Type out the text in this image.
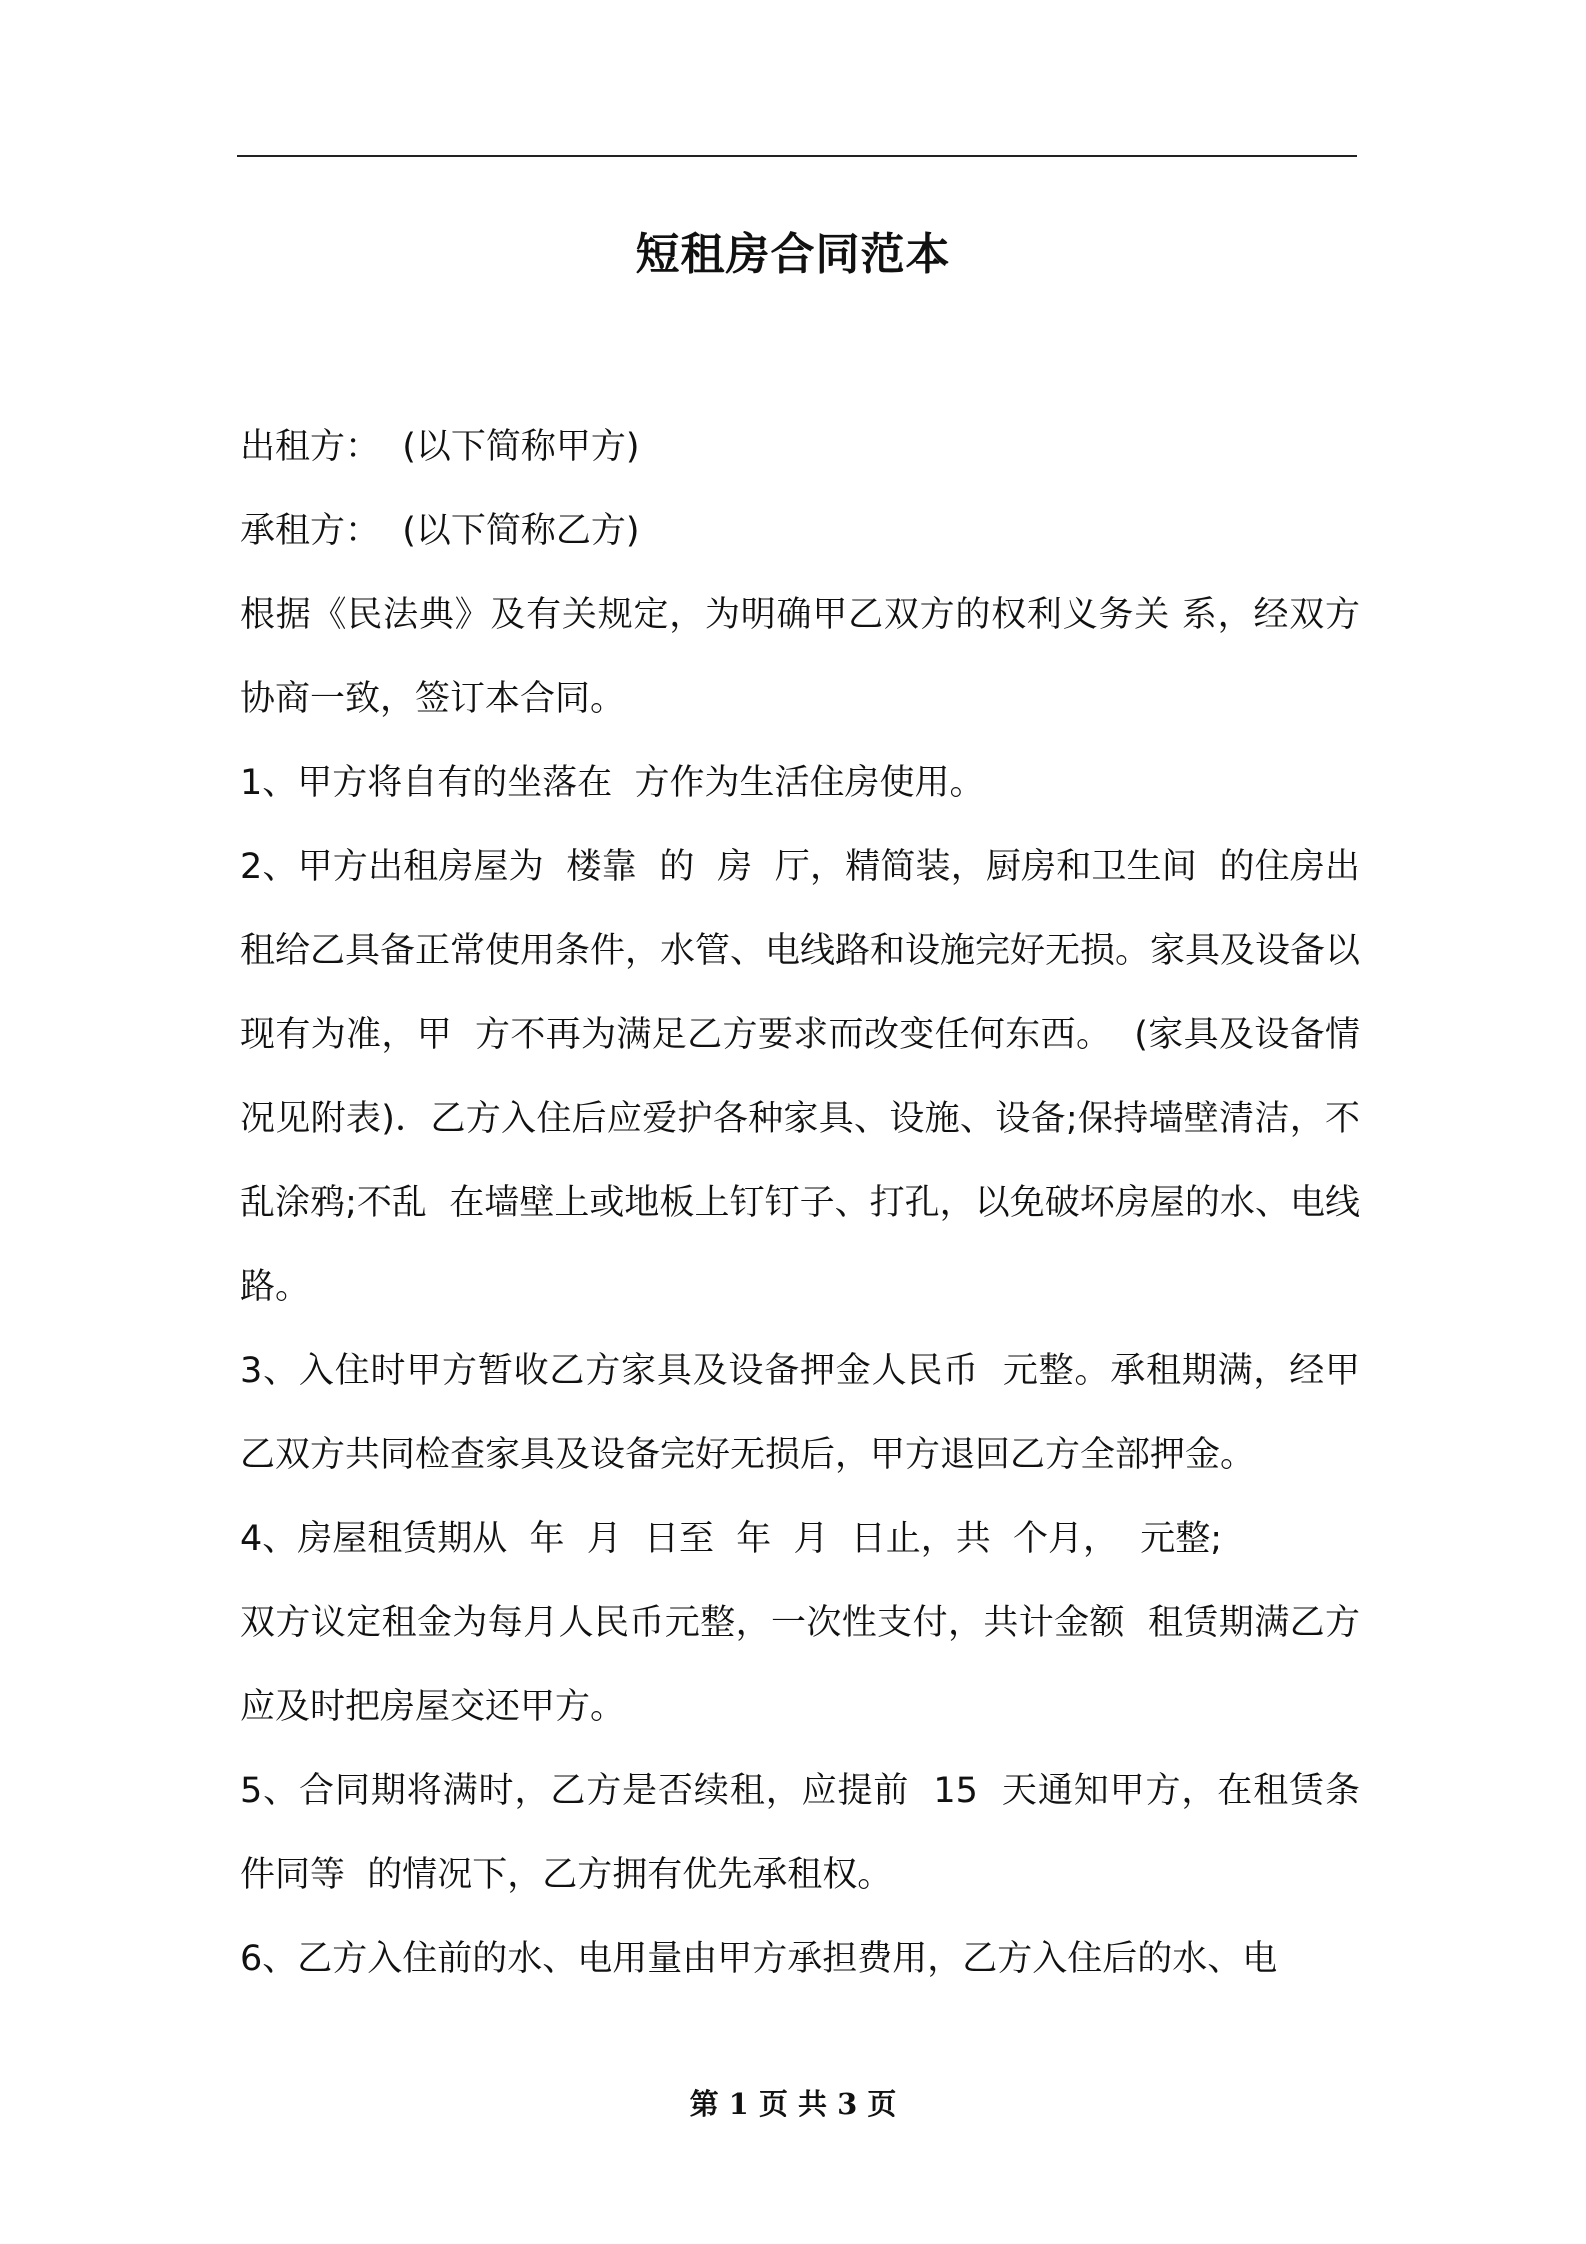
短租房合同范本

出租方：  (以下简称甲方)

承租方：  (以下简称乙方)

根据《民法典》及有关规定，为明确甲乙双方的权利义务关 系，经双方协商一致，签订本合同。

1、甲方将自有的坐落在  方作为生活住房使用。

2、甲方出租房屋为  楼靠  的  房  厅，精简装，厨房和卫生间  的住房出租给乙具备正常使用条件，水管、电线路和设施完好无损。家具及设备以现有为准，甲  方不再为满足乙方要求而改变任何东西。  (家具及设备情况见附表)．乙方入住后应爱护各种家具、设施、设备;保持墙壁清洁，不乱涂鸦;不乱  在墙壁上或地板上钉钉子、打孔，以免破坏房屋的水、电线路。

3、入住时甲方暂收乙方家具及设备押金人民币  元整。承租期满，经甲乙双方共同检查家具及设备完好无损后，甲方退回乙方全部押金。

4、房屋租赁期从  年  月  日至  年  月  日止，共  个月，  元整;

双方议定租金为每月人民币元整，一次性支付，共计金额  租赁期满乙方应及时把房屋交还甲方。

5、合同期将满时，乙方是否续租，应提前  15  天通知甲方，在租赁条件同等  的情况下，乙方拥有优先承租权。

6、乙方入住前的水、电用量由甲方承担费用，乙方入住后的水、电

第 1 页 共 3 页
